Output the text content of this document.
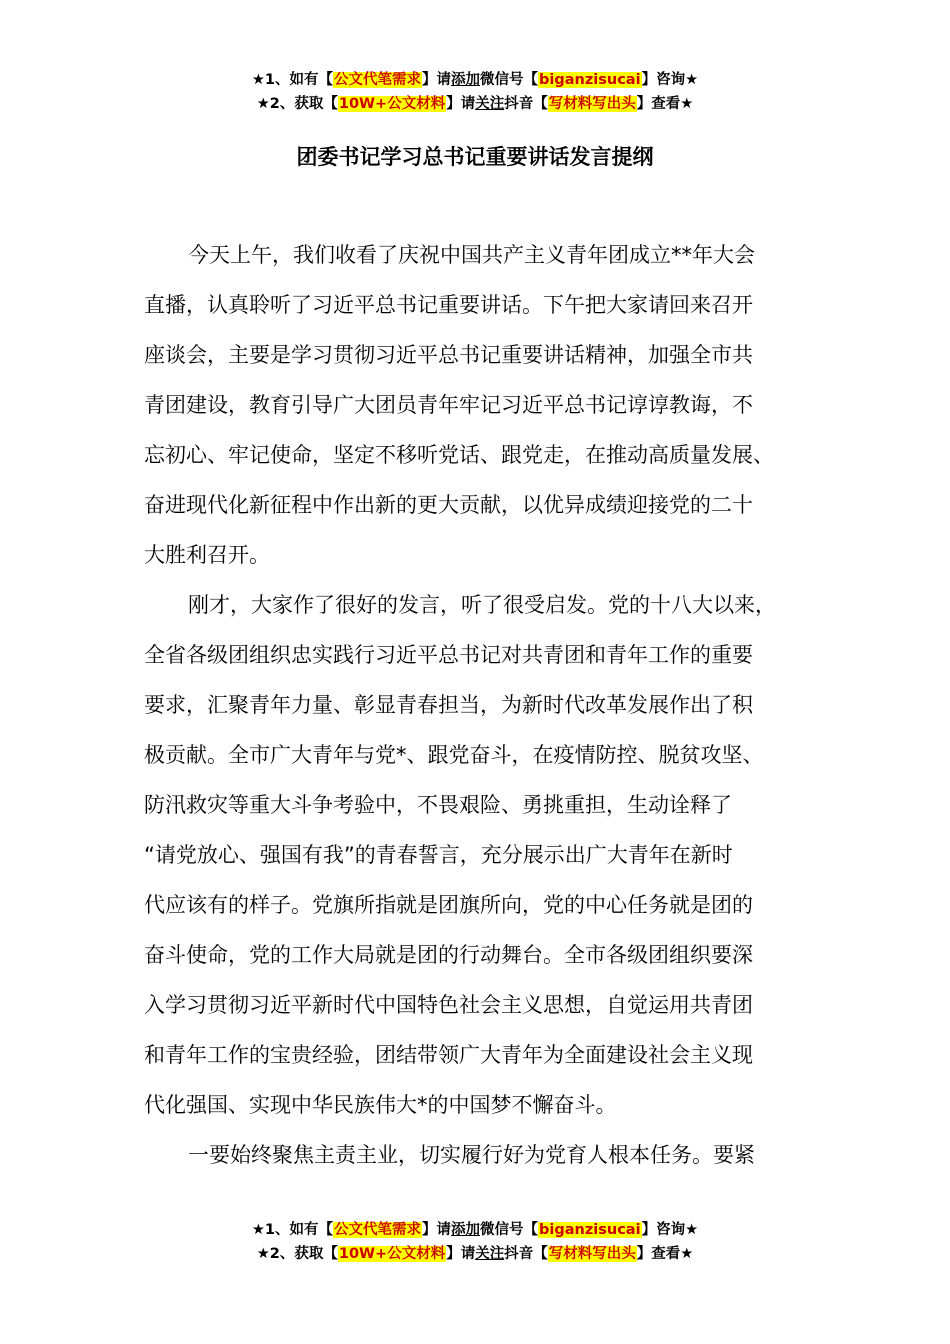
★1、如有【公文代笔需求】请添加微信号【biganzisucai】咨询★
★2、获取【10W+公文材料】请关注抖音【写材料写出头】查看★
团委书记学习总书记重要讲话发言提纲
今天上午，我们收看了庆祝中国共产主义青年团成立**年大会
直播，认真聆听了习近平总书记重要讲话。下午把大家请回来召开
座谈会，主要是学习贯彻习近平总书记重要讲话精神，加强全市共
青团建设，教育引导广大团员青年牢记习近平总书记谆谆教诲，不
忘初心、牢记使命，坚定不移听党话、跟党走，在推动高质量发展、
奋进现代化新征程中作出新的更大贡献，以优异成绩迎接党的二十
大胜利召开。
刚才，大家作了很好的发言，听了很受启发。党的十八大以来，
全省各级团组织忠实践行习近平总书记对共青团和青年工作的重要
要求，汇聚青年力量、彰显青春担当，为新时代改革发展作出了积
极贡献。全市广大青年与党*、跟党奋斗，在疫情防控、脱贫攻坚、
防汛救灾等重大斗争考验中，不畏艰险、勇挑重担，生动诠释了
“请党放心、强国有我”的青春誓言，充分展示出广大青年在新时
代应该有的样子。党旗所指就是团旗所向，党的中心任务就是团的
奋斗使命，党的工作大局就是团的行动舞台。全市各级团组织要深
入学习贯彻习近平新时代中国特色社会主义思想，自觉运用共青团
和青年工作的宝贵经验，团结带领广大青年为全面建设社会主义现
代化强国、实现中华民族伟大*的中国梦不懈奋斗。
一要始终聚焦主责主业，切实履行好为党育人根本任务。要紧
★1、如有【公文代笔需求】请添加微信号【biganzisucai】咨询★
★2、获取【10W+公文材料】请关注抖音【写材料写出头】查看★
